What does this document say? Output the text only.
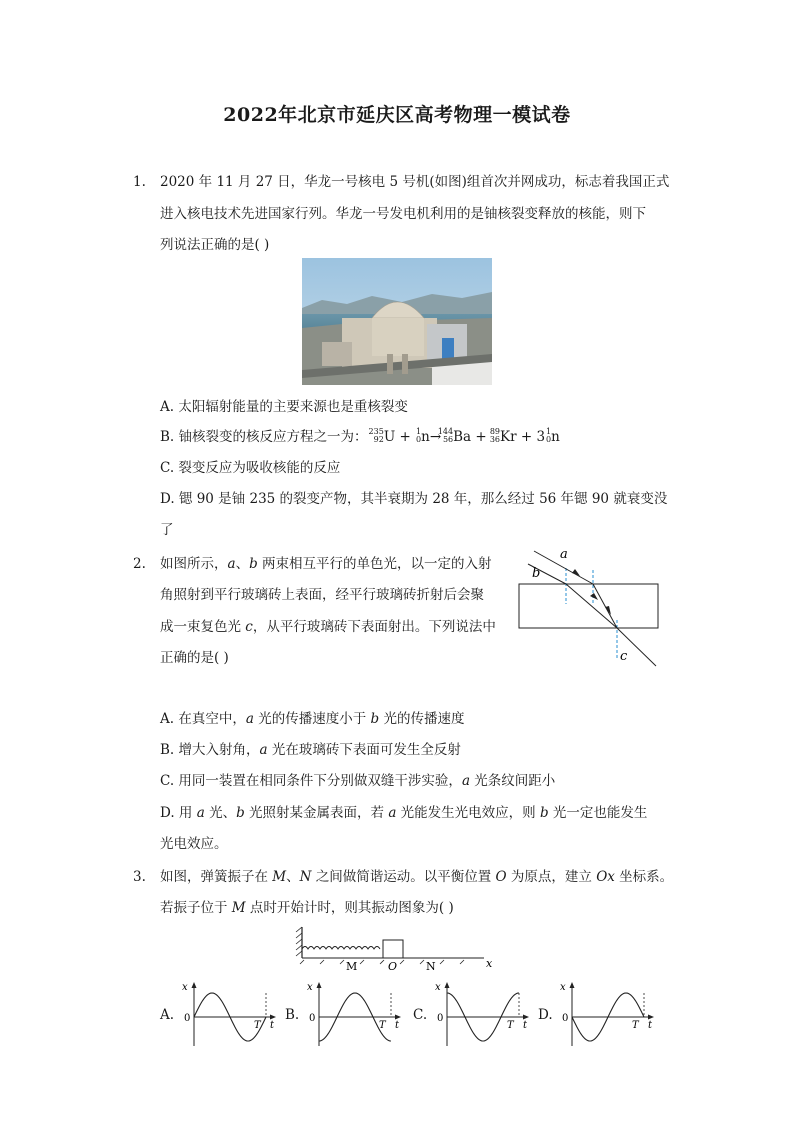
2022年北京市延庆区高考物理一模试卷
1. 2020 年 11 月 27 日，华龙一号核电 5 号机(如图)组首次并网成功，标志着我国正式
进入核电技术先进国家行列。华龙一号发电机利用的是铀核裂变释放的核能，则下
列说法正确的是( )
A. 太阳辐射能量的主要来源也是重核裂变
B. 铀核裂变的核反应方程之一为： 235
92 U + 1
0 n→
144
56 Ba + 89
36 Kr + 3 1
0 n
C. 裂变反应为吸收核能的反应
D. 锶 90 是铀 235 的裂变产物，其半衰期为 28 年，那么经过 56 年锶 90 就衰变没
了
2. 如图所示，a、b 两束相互平行的单色光，以一定的入射
角照射到平行玻璃砖上表面，经平行玻璃砖折射后会聚
成一束复色光 c，从平行玻璃砖下表面射出。下列说法中
正确的是( )
a
b
c
A. 在真空中，a 光的传播速度小于 b 光的传播速度
B. 增大入射角，a 光在玻璃砖下表面可发生全反射
C. 用同一装置在相同条件下分别做双缝干涉实验，a 光条纹间距小
D. 用 a 光、b 光照射某金属表面，若 a 光能发生光电效应，则 b 光一定也能发生
光电效应。
3. 如图，弹簧振子在 M、N 之间做简谐运动。以平衡位置 O 为原点，建立 Ox 坐标系。
若振子位于 M 点时开始计时，则其振动图象为( )
M	O	N	x
A.
x
0
T t
B.
x
0
T t
C.
x
0
T t
D.
x
0
T t
